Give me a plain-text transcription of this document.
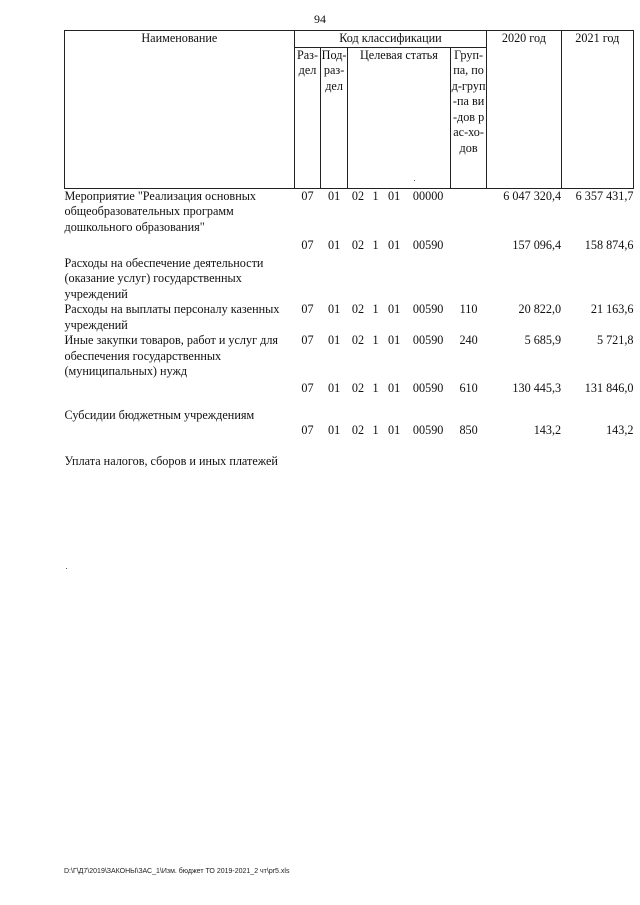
94
Наименование	Код классификации							2020 год	2021 год
	Раз-дел	Под-раз-дел	Целевая статья				Груп-па, под-груп-па ви-дов рас-хо-дов		
Мероприятие "Реализация основных общеобразовательных программ дошкольного образования"	07	01	02	1	01	00000		6 047 320,4	6 357 431,7
Расходы на обеспечение деятельности (оказание услуг) государственных учреждений	07	01	02	1	01	00590		157 096,4	158 874,6
Расходы на выплаты персоналу казенных учреждений	07	01	02	1	01	00590	110	20 822,0	21 163,6
Иные закупки товаров, работ и услуг для обеспечения государственных (муниципальных) нужд	07	01	02	1	01	00590	240	5 685,9	5 721,8
Субсидии бюджетным учреждениям	07	01	02	1	01	00590	610	130 445,3	131 846,0
Уплата налогов, сборов и иных платежей	07	01	02	1	01	00590	850	143,2	143,2
D:\Г\Д7\2019\ЗАКОНЫ\ЗАС_1\Изм. бюджет ТО 2019-2021_2 чт\pr5.xls
